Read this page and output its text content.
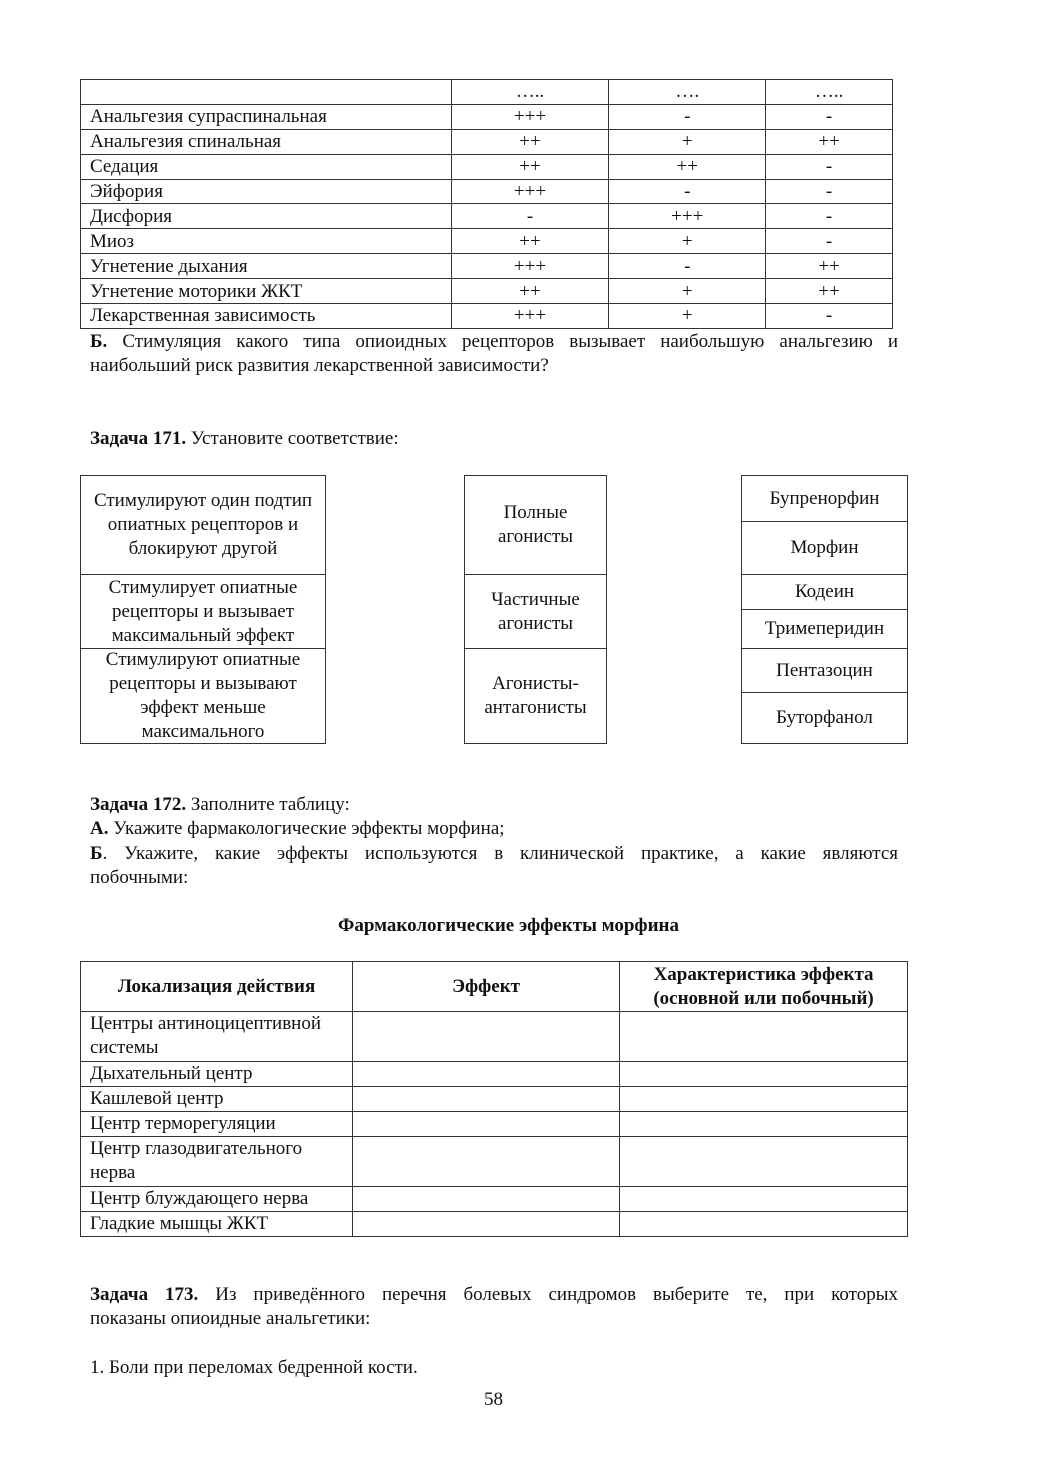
	…..	….	…..
Анальгезия супраспинальная	+++	-	-
Анальгезия спинальная	++	+	++
Седация	++	++	-
Эйфория	+++	-	-
Дисфория	-	+++	-
Миоз	++	+	-
Угнетение дыхания	+++	-	++
Угнетение моторики ЖКТ	++	+	++
Лекарственная зависимость	+++	+	-
Б. Стимуляция какого типа опиоидных рецепторов вызывает наибольшую анальгезию и
наибольший риск развития лекарственной зависимости?
Задача 171. Установите соответствие:
Стимулируют один подтип опиатных рецепторов и блокируют другой
Стимулирует опиатные рецепторы и вызывает максимальный эффект
Стимулируют опиатные рецепторы и вызывают эффект меньше максимального
Полные агонисты
Частичные агонисты
Агонисты-антагонисты
Бупренорфин
Морфин
Кодеин
Тримеперидин
Пентазоцин
Буторфанол
Задача 172. Заполните таблицу:
А. Укажите фармакологические эффекты морфина;
Б. Укажите, какие эффекты используются в клинической практике, а какие являются
побочными:
Фармакологические эффекты морфина
Локализация действия	Эффект	Характеристика эффекта (основной или побочный)
Центры антиноцицептивной системы		
Дыхательный центр		
Кашлевой центр		
Центр терморегуляции		
Центр глазодвигательного нерва		
Центр блуждающего нерва		
Гладкие мышцы ЖКТ		
Задача 173. Из приведённого перечня болевых синдромов выберите те, при которых
показаны опиоидные анальгетики:
1. Боли при переломах бедренной кости.
58
